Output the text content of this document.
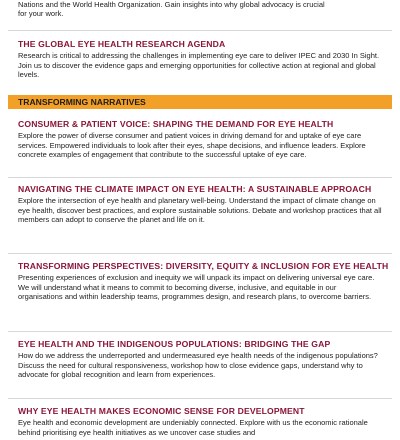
Nations and the World Health Organization. Gain insights into why global advocacy is crucial
for your work.
THE GLOBAL EYE HEALTH RESEARCH AGENDA
Research is critical to addressing the challenges in implementing eye care to deliver IPEC and 2030 In Sight. Join us to discover the evidence gaps and emerging opportunities for collective action at regional and global levels.
TRANSFORMING NARRATIVES
CONSUMER & PATIENT VOICE: SHAPING THE DEMAND FOR EYE HEALTH
Explore the power of diverse consumer and patient voices in driving demand for and uptake of eye care services. Empowered individuals to look after their eyes, shape decisions, and influence leaders. Explore concrete examples of engagement that contribute to the successful uptake of eye care.
NAVIGATING THE CLIMATE IMPACT ON EYE HEALTH: A SUSTAINABLE APPROACH
Explore the intersection of eye health and planetary well-being. Understand the impact of climate change on eye health, discover best practices, and explore sustainable solutions. Debate and workshop practices that all members can adopt to conserve the planet and life on it.
TRANSFORMING PERSPECTIVES: DIVERSITY, EQUITY & INCLUSION FOR EYE HEALTH
Presenting experiences of exclusion and inequity we will unpack its impact on delivering universal eye care. We will understand what it means to commit to becoming diverse, inclusive, and equitable in our organisations and within leadership teams, programmes design, and research plans, to overcome barriers.
EYE HEALTH AND THE INDIGENOUS POPULATIONS: BRIDGING THE GAP
How do we address the underreported and undermeasured eye health needs of the indigenous populations? Discuss the need for cultural responsiveness, workshop how to close evidence gaps, understand why to advocate for global recognition and learn from experiences.
WHY EYE HEALTH MAKES ECONOMIC SENSE FOR DEVELOPMENT
Eye health and economic development are undeniably connected. Explore with us the economic rationale behind prioritising eye health initiatives as we uncover case studies and
